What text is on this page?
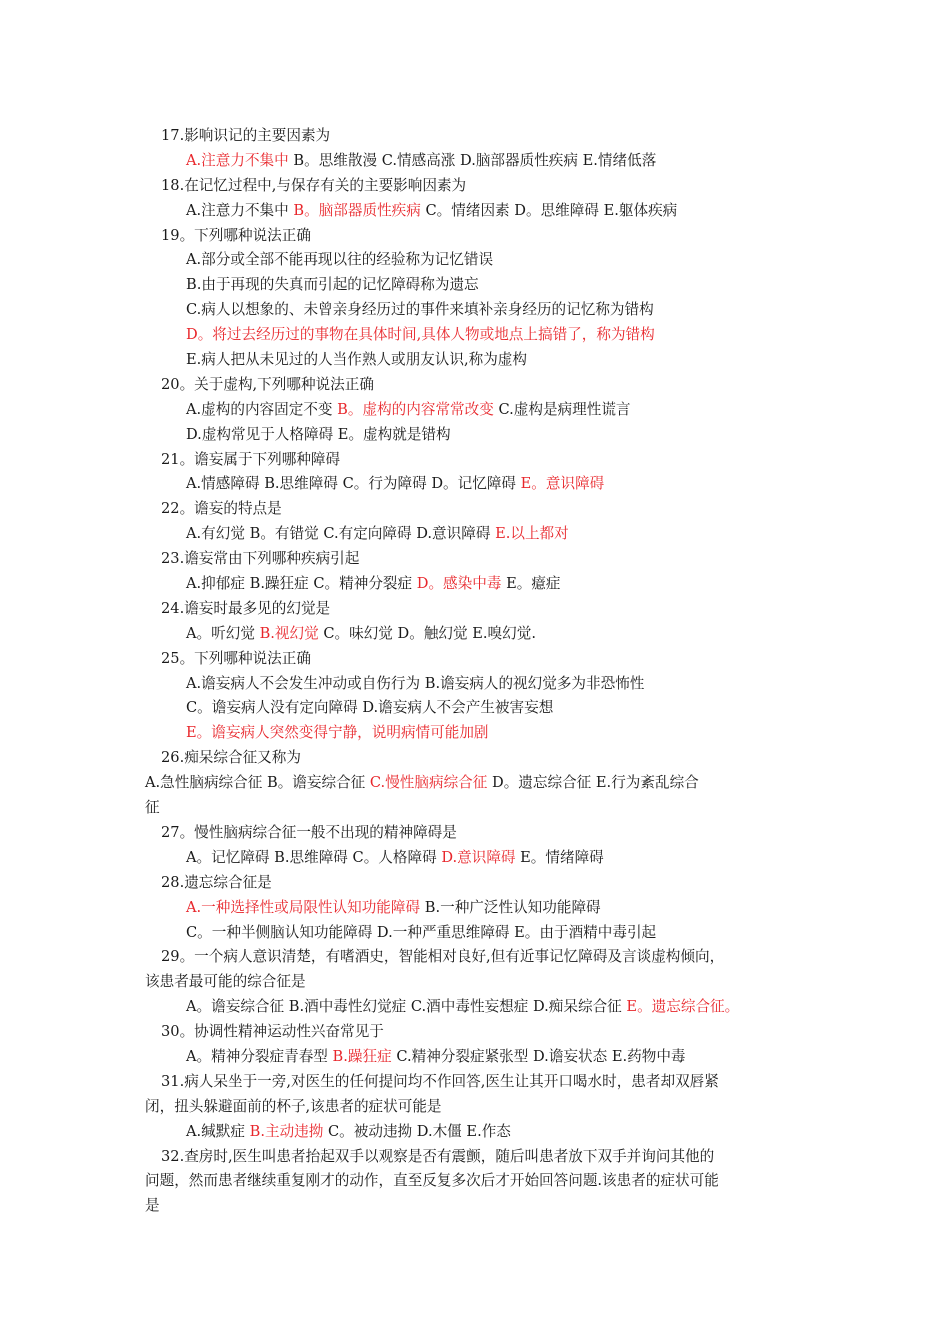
17.影响识记的主要因素为
A.注意力不集中 B。思维散漫 C.情感高涨 D.脑部器质性疾病 E.情绪低落
18.在记忆过程中,与保存有关的主要影响因素为
A.注意力不集中 B。脑部器质性疾病 C。情绪因素 D。思维障碍 E.躯体疾病
19。下列哪种说法正确
A.部分或全部不能再现以往的经验称为记忆错误
B.由于再现的失真而引起的记忆障碍称为遗忘
C.病人以想象的、未曾亲身经历过的事件来填补亲身经历的记忆称为错构
D。将过去经历过的事物在具体时间,具体人物或地点上搞错了，称为错构
E.病人把从未见过的人当作熟人或朋友认识,称为虚构
20。关于虚构,下列哪种说法正确
A.虚构的内容固定不变 B。虚构的内容常常改变 C.虚构是病理性谎言
D.虚构常见于人格障碍 E。虚构就是错构
21。谵妄属于下列哪种障碍
A.情感障碍 B.思维障碍 C。行为障碍 D。记忆障碍 E。意识障碍
22。谵妄的特点是
A.有幻觉 B。有错觉 C.有定向障碍 D.意识障碍 E.以上都对
23.谵妄常由下列哪种疾病引起
A.抑郁症 B.躁狂症 C。精神分裂症 D。感染中毒 E。癔症
24.谵妄时最多见的幻觉是
A。听幻觉 B.视幻觉 C。味幻觉 D。触幻觉 E.嗅幻觉.
25。下列哪种说法正确
A.谵妄病人不会发生冲动或自伤行为 B.谵妄病人的视幻觉多为非恐怖性
C。谵妄病人没有定向障碍 D.谵妄病人不会产生被害妄想
E。谵妄病人突然变得宁静，说明病情可能加剧
26.痴呆综合征又称为
A.急性脑病综合征 B。谵妄综合征 C.慢性脑病综合征 D。遗忘综合征 E.行为紊乱综合
征
27。慢性脑病综合征一般不出现的精神障碍是
A。记忆障碍 B.思维障碍 C。人格障碍 D.意识障碍 E。情绪障碍
28.遗忘综合征是
A.一种选择性或局限性认知功能障碍 B.一种广泛性认知功能障碍
C。一种半侧脑认知功能障碍 D.一种严重思维障碍 E。由于酒精中毒引起
29。一个病人意识清楚，有嗜酒史，智能相对良好,但有近事记忆障碍及言谈虚构倾向，
该患者最可能的综合征是
A。谵妄综合征 B.酒中毒性幻觉症 C.酒中毒性妄想症 D.痴呆综合征 E。遗忘综合征。
30。协调性精神运动性兴奋常见于
A。精神分裂症青春型 B.躁狂症 C.精神分裂症紧张型 D.谵妄状态 E.药物中毒
31.病人呆坐于一旁,对医生的任何提问均不作回答,医生让其开口喝水时，患者却双唇紧
闭，扭头躲避面前的杯子,该患者的症状可能是
A.缄默症 B.主动违拗 C。被动违拗 D.木僵 E.作态
32.查房时,医生叫患者抬起双手以观察是否有震颤，随后叫患者放下双手并询问其他的
问题，然而患者继续重复刚才的动作，直至反复多次后才开始回答问题.该患者的症状可能
是
